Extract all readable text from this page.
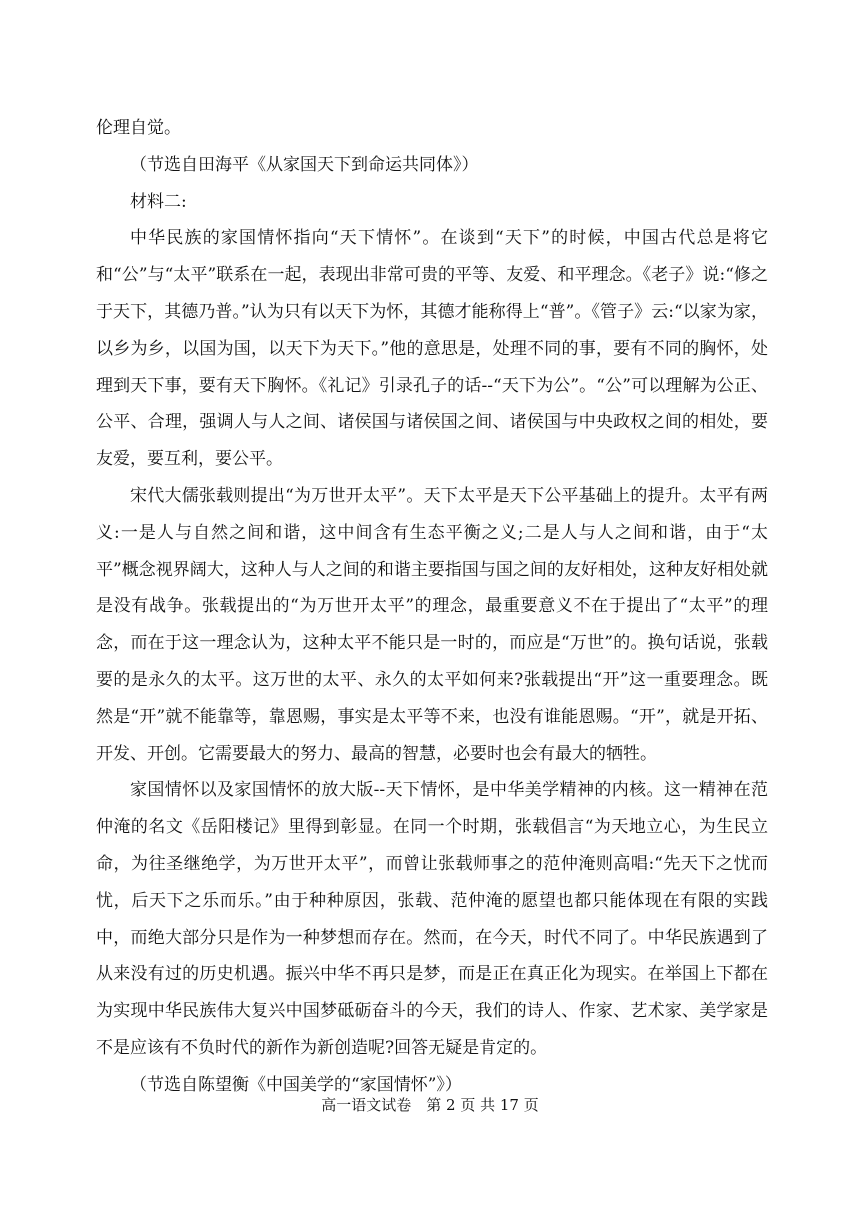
伦理自觉。

（节选自田海平《从家国天下到命运共同体》）

材料二:

中华民族的家国情怀指向“天下情怀”。在谈到“天下”的时候，中国古代总是将它和“公”与“太平”联系在一起，表现出非常可贵的平等、友爱、和平理念。《老子》说:“修之于天下，其德乃普。”认为只有以天下为怀，其德才能称得上“普”。《管子》云:“以家为家，以乡为乡，以国为国，以天下为天下。”他的意思是，处理不同的事，要有不同的胸怀，处理到天下事，要有天下胸怀。《礼记》引录孔子的话--“天下为公”。“公”可以理解为公正、公平、合理，强调人与人之间、诸侯国与诸侯国之间、诸侯国与中央政权之间的相处，要友爱，要互利，要公平。

宋代大儒张载则提出“为万世开太平”。天下太平是天下公平基础上的提升。太平有两义:一是人与自然之间和谐，这中间含有生态平衡之义;二是人与人之间和谐，由于“太平”概念视界阔大，这种人与人之间的和谐主要指国与国之间的友好相处，这种友好相处就是没有战争。张载提出的“为万世开太平”的理念，最重要意义不在于提出了“太平”的理念，而在于这一理念认为，这种太平不能只是一时的，而应是“万世”的。换句话说，张载要的是永久的太平。这万世的太平、永久的太平如何来?张载提出“开”这一重要理念。既然是“开”就不能靠等，靠恩赐，事实是太平等不来，也没有谁能恩赐。“开”，就是开拓、开发、开创。它需要最大的努力、最高的智慧，必要时也会有最大的牺牲。

家国情怀以及家国情怀的放大版--天下情怀，是中华美学精神的内核。这一精神在范仲淹的名文《岳阳楼记》里得到彰显。在同一个时期，张载倡言“为天地立心，为生民立命，为往圣继绝学，为万世开太平”，而曾让张载师事之的范仲淹则高唱:“先天下之忧而忧，后天下之乐而乐。”由于种种原因，张载、范仲淹的愿望也都只能体现在有限的实践中，而绝大部分只是作为一种梦想而存在。然而，在今天，时代不同了。中华民族遇到了从来没有过的历史机遇。振兴中华不再只是梦，而是正在真正化为现实。在举国上下都在为实现中华民族伟大复兴中国梦砥砺奋斗的今天，我们的诗人、作家、艺术家、美学家是不是应该有不负时代的新作为新创造呢?回答无疑是肯定的。

（节选自陈望衡《中国美学的“家国情怀”》）

高一语文试卷　第 2 页 共 17 页
